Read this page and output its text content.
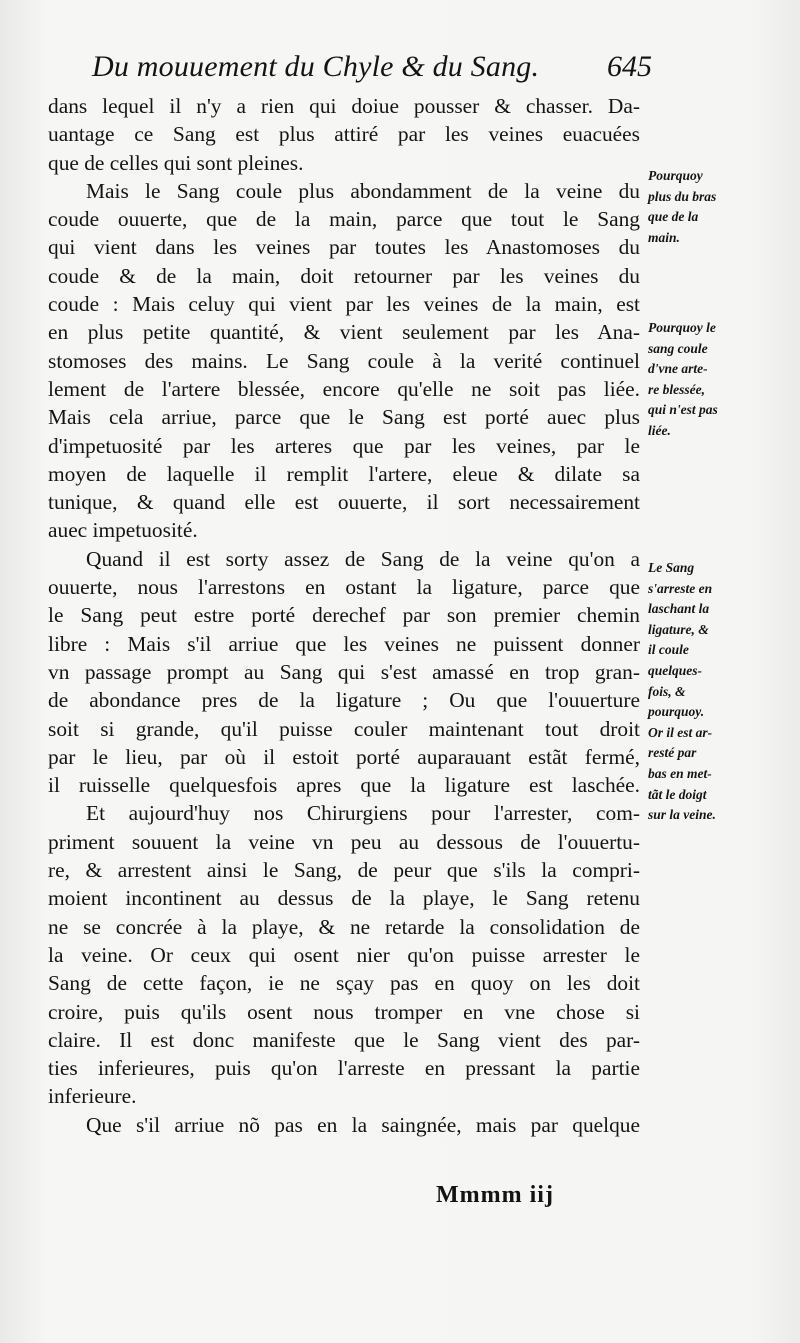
Du mouuement du Chyle & du Sang. 645
dans lequel il n'y a rien qui doiue pousser & chasser. Da-
uantage ce Sang est plus attiré par les veines euacuées
que de celles qui sont pleines.
Mais le Sang coule plus abondamment de la veine du
coude ouuerte, que de la main, parce que tout le Sang
qui vient dans les veines par toutes les Anastomoses du
coude & de la main, doit retourner par les veines du
coude : Mais celuy qui vient par les veines de la main, est
en plus petite quantité, & vient seulement par les Ana-
stomoses des mains. Le Sang coule à la verité continuel
lement de l'artere blessée, encore qu'elle ne soit pas liée.
Mais cela arriue, parce que le Sang est porté auec plus
d'impetuosité par les arteres que par les veines, par le
moyen de laquelle il remplit l'artere, eleue & dilate sa
tunique, & quand elle est ouuerte, il sort necessairement
auec impetuosité.
Quand il est sorty assez de Sang de la veine qu'on a
ouuerte, nous l'arrestons en ostant la ligature, parce que
le Sang peut estre porté derechef par son premier chemin
libre : Mais s'il arriue que les veines ne puissent donner
vn passage prompt au Sang qui s'est amassé en trop gran-
de abondance pres de la ligature ; Ou que l'ouuerture
soit si grande, qu'il puisse couler maintenant tout droit
par le lieu, par où il estoit porté auparauant estãt fermé,
il ruisselle quelquesfois apres que la ligature est laschée.
Et aujourd'huy nos Chirurgiens pour l'arrester, com-
priment souuent la veine vn peu au dessous de l'ouuertu-
re, & arrestent ainsi le Sang, de peur que s'ils la compri-
moient incontinent au dessus de la playe, le Sang retenu
ne se concrée à la playe, & ne retarde la consolidation de
la veine. Or ceux qui osent nier qu'on puisse arrester le
Sang de cette façon, ie ne sçay pas en quoy on les doit
croire, puis qu'ils osent nous tromper en vne chose si
claire. Il est donc manifeste que le Sang vient des par-
ties inferieures, puis qu'on l'arreste en pressant la partie
inferieure.
Que s'il arriue nõ pas en la saingnée, mais par quelque
Pourquoy
plus du bras
que de la
main.
Pourquoy le
sang coule
d'vne arte-
re blessée,
qui n'est pas
liée.
Le Sang
s'arreste en
laschant la
ligature, &
il coule
quelques-
fois, &
pourquoy.
Or il est ar-
resté par
bas en met-
tãt le doigt
sur la veine.
Mmmm iij
